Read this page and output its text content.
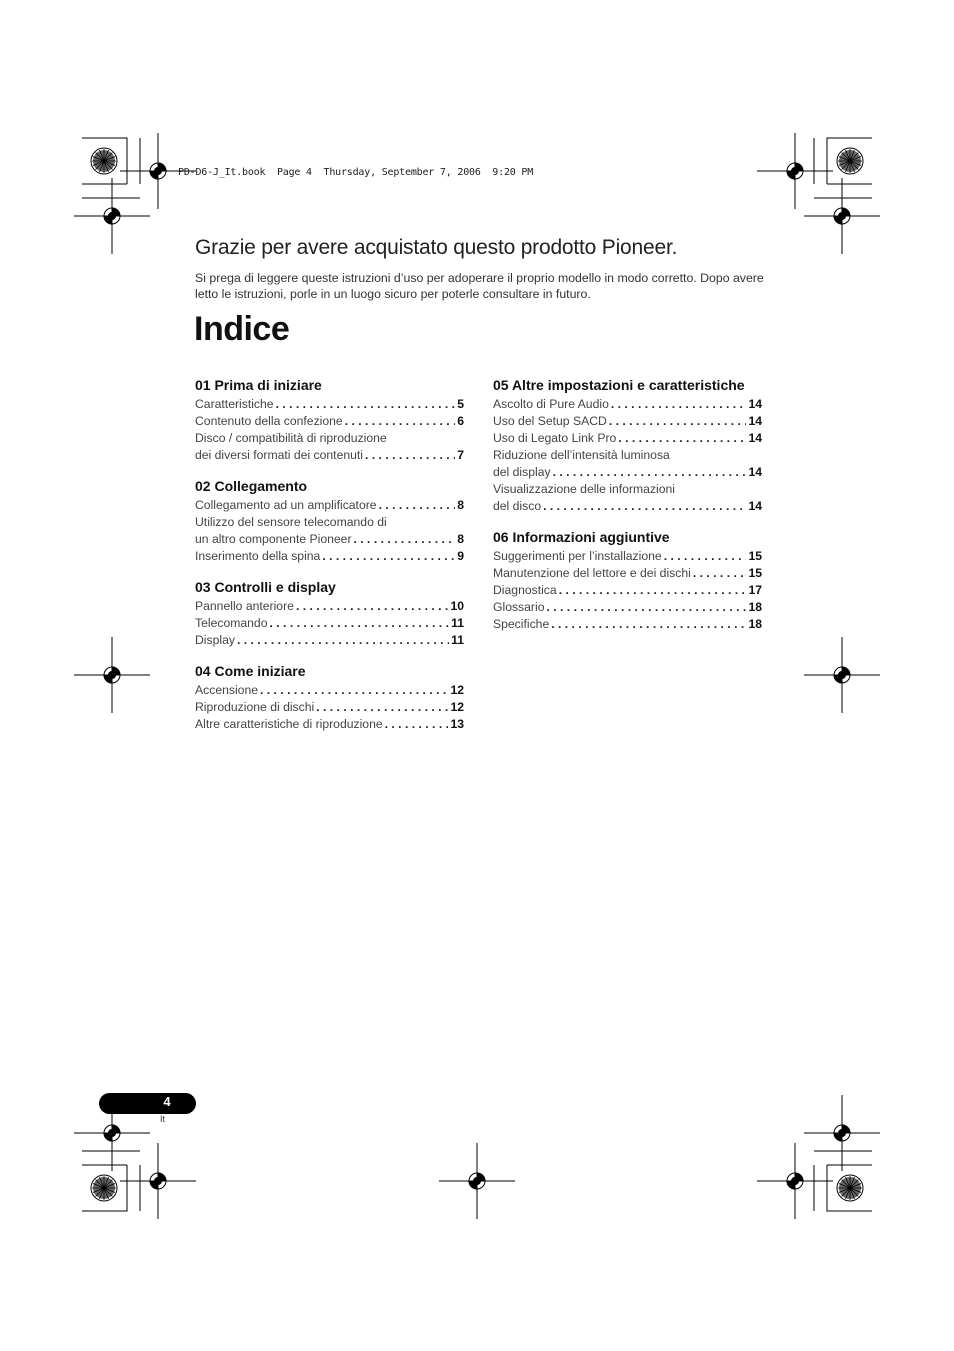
PD-D6-J_It.book  Page 4  Thursday, September 7, 2006  9:20 PM
Grazie per avere acquistato questo prodotto Pioneer.

Si prega di leggere queste istruzioni d’uso per adoperare il proprio modello in modo corretto. Dopo avere letto le istruzioni, porle in un luogo sicuro per poterle consultare in futuro.

Indice
01 Prima di iniziare
Caratteristiche . . .	5
Contenuto della confezione . . .	6
Disco / compatibilità di riproduzione
dei diversi formati dei contenuti . . .	7
02 Collegamento
Collegamento ad un amplificatore . . .	8
Utilizzo del sensore telecomando di
un altro componente Pioneer . . .	8
Inserimento della spina . . .	9
03 Controlli e display
Pannello anteriore . . .	10
Telecomando . . .	11
Display . . .	11
04 Come iniziare
Accensione . . .	12
Riproduzione di dischi . . .	12
Altre caratteristiche di riproduzione . . .	13
05 Altre impostazioni e caratteristiche
Ascolto di Pure Audio . . .	14
Uso del Setup SACD . . .	14
Uso di Legato Link Pro . . .	14
Riduzione dell’intensità luminosa
del display . . .	14
Visualizzazione delle informazioni
del disco . . .	14
06 Informazioni aggiuntive
Suggerimenti per l’installazione . . .	15
Manutenzione del lettore e dei dischi . . .	15
Diagnostica . . .	17
Glossario . . .	18
Specifiche . . .	18
4
It
